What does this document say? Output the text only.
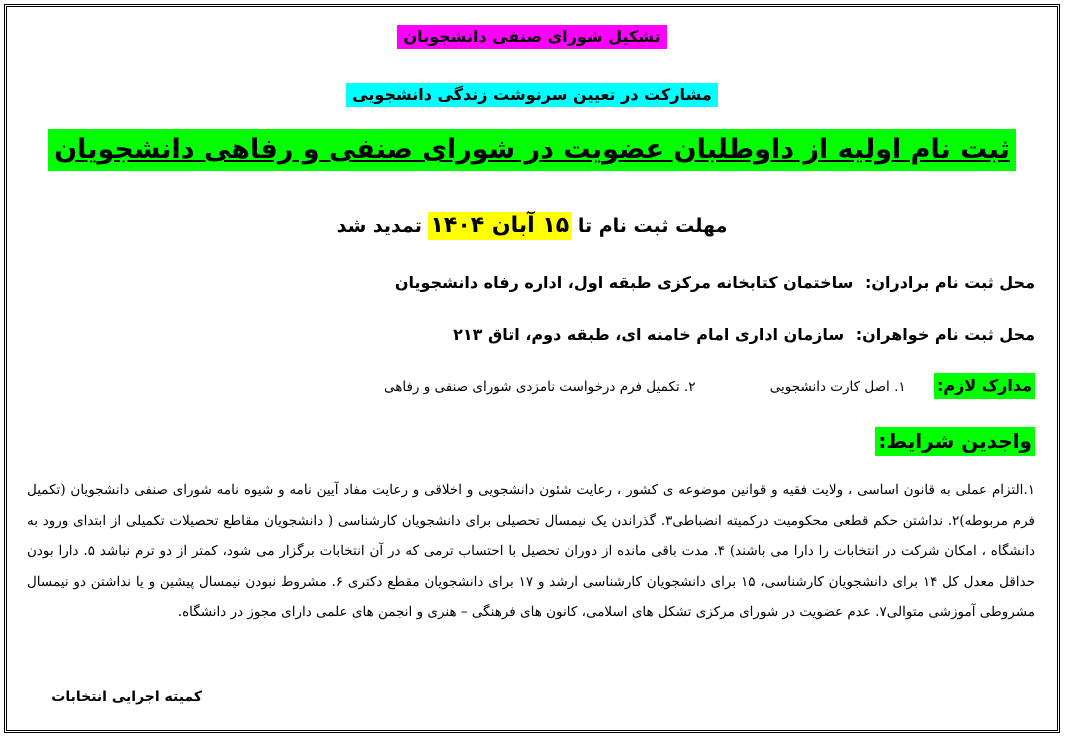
تشکیل شورای صنفی دانشجویان
مشارکت در تعیین سرنوشت زندگی دانشجویی
ثبت نام اولیه از داوطلبان عضویت در شورای صنفی و رفاهی دانشجویان
مهلت ثبت نام تا ۱۵ آبان ۱۴۰۴ تمدید شد
محل ثبت نام برادران: ساختمان کتابخانه مرکزی طبقه اول، اداره رفاه دانشجویان
محل ثبت نام خواهران: سازمان اداری امام خامنه ای، طبقه دوم، اتاق ۲۱۳
مدارک لازم: ۱. اصل کارت دانشجویی ۲. تکمیل فرم درخواست نامزدی شورای صنفی و رفاهی
واجدین شرایط:
۱.التزام عملی به قانون اساسی ، ولایت فقیه و قوانین موضوعه ی کشور ، رعایت شئون دانشجویی و اخلاقی و رعایت مفاد آیین نامه و شیوه نامه شورای صنفی دانشجویان (تکمیل فرم مربوطه)۲. نداشتن حکم قطعی محکومیت درکمیته انضباطی۳. گذراندن یک نیمسال تحصیلی برای دانشجویان کارشناسی ( دانشجویان مقاطع تحصیلات تکمیلی از ابتدای ورود به دانشگاه ، امکان شرکت در انتخابات را دارا می باشند) ۴. مدت باقی مانده از دوران تحصیل با احتساب ترمی که در آن انتخابات برگزار می شود، کمتر از دو ترم نباشد ۵. دارا بودن حداقل معدل کل ۱۴ برای دانشجویان کارشناسی، ۱۵ برای دانشجویان کارشناسی ارشد و ۱۷ برای دانشجویان مقطع دکتری ۶. مشروط نبودن نیمسال پیشین و یا نداشتن دو نیمسال مشروطی آموزشی متوالی۷. عدم عضویت در شورای مرکزی تشکل های اسلامی، کانون های فرهنگی – هنری و انجمن های علمی دارای مجوز در دانشگاه.
کمیته اجرایی انتخابات
